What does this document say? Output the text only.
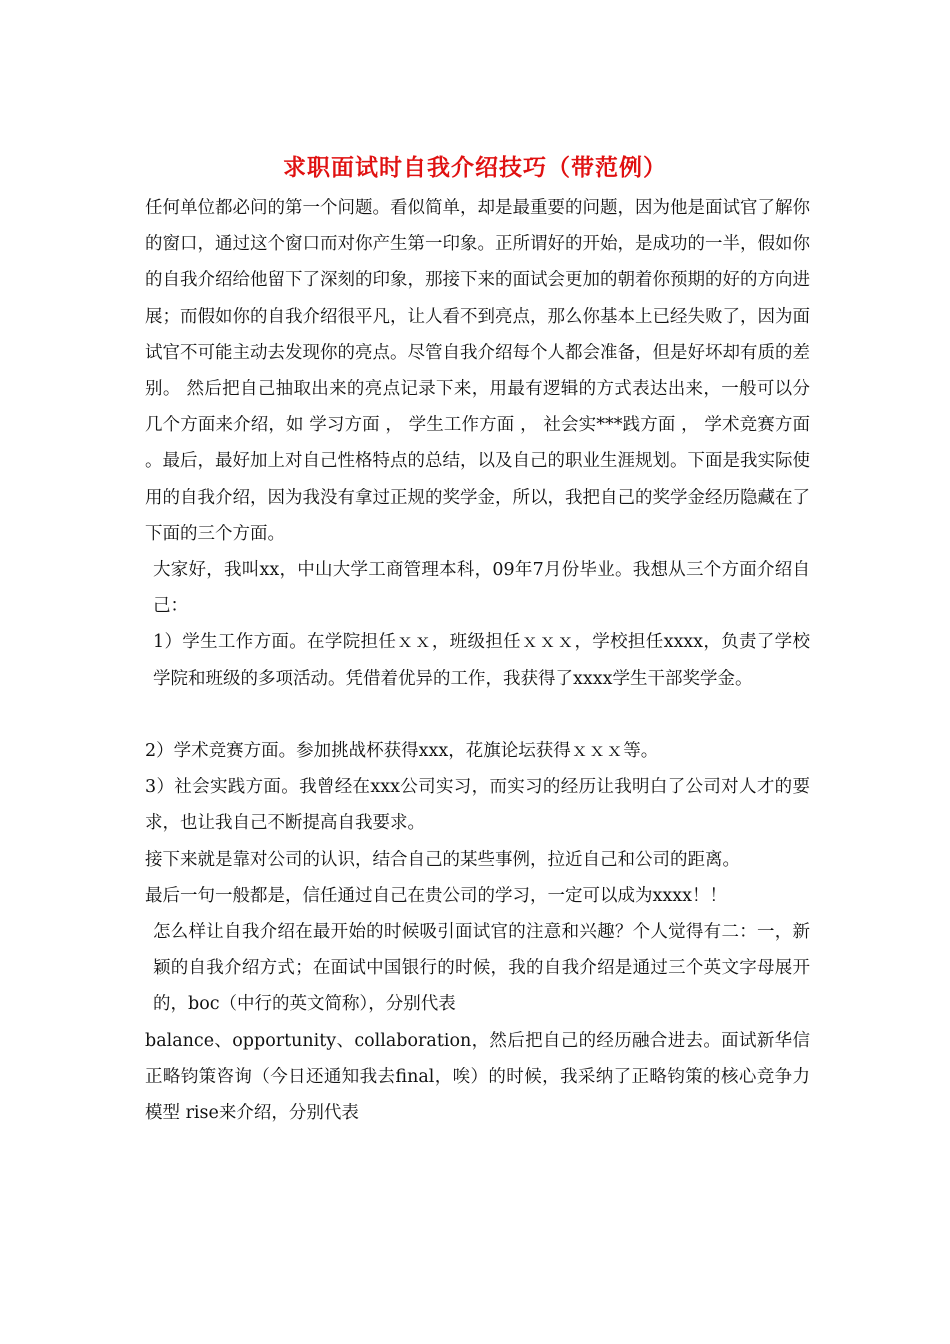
求职面试时自我介绍技巧（带范例）

任何单位都必问的第一个问题。看似简单，却是最重要的问题，因为他是面试官了解你的窗口，通过这个窗口而对你产生第一印象。正所谓好的开始，是成功的一半，假如你的自我介绍给他留下了深刻的印象，那接下来的面试会更加的朝着你预期的好的方向进展；而假如你的自我介绍很平凡，让人看不到亮点，那么你基本上已经失败了，因为面试官不可能主动去发现你的亮点。尽管自我介绍每个人都会准备，但是好坏却有质的差别。 然后把自己抽取出来的亮点记录下来，用最有逻辑的方式表达出来，一般可以分几个方面来介绍，如 学习方面 ， 学生工作方面 ， 社会实***践方面 ， 学术竞赛方面 。最后，最好加上对自己性格特点的总结，以及自己的职业生涯规划。下面是我实际使用的自我介绍，因为我没有拿过正规的奖学金，所以，我把自己的奖学金经历隐藏在了下面的三个方面。

大家好，我叫xx，中山大学工商管理本科，09年7月份毕业。我想从三个方面介绍自己：

1）学生工作方面。在学院担任ｘｘ，班级担任ｘｘｘ，学校担任xxxx，负责了学校学院和班级的多项活动。凭借着优异的工作，我获得了xxxx学生干部奖学金。

2）学术竞赛方面。参加挑战杯获得xxx，花旗论坛获得ｘｘｘ等。

3）社会实践方面。我曾经在xxx公司实习，而实习的经历让我明白了公司对人才的要求，也让我自己不断提高自我要求。

接下来就是靠对公司的认识，结合自己的某些事例，拉近自己和公司的距离。

最后一句一般都是，信任通过自己在贵公司的学习，一定可以成为xxxx！！

怎么样让自我介绍在最开始的时候吸引面试官的注意和兴趣？个人觉得有二：一，新颖的自我介绍方式；在面试中国银行的时候，我的自我介绍是通过三个英文字母展开的，boc（中行的英文简称），分别代表

balance、opportunity、collaboration，然后把自己的经历融合进去。面试新华信正略钧策咨询（今日还通知我去final，唉）的时候，我采纳了正略钧策的核心竞争力模型 rise来介绍，分别代表
